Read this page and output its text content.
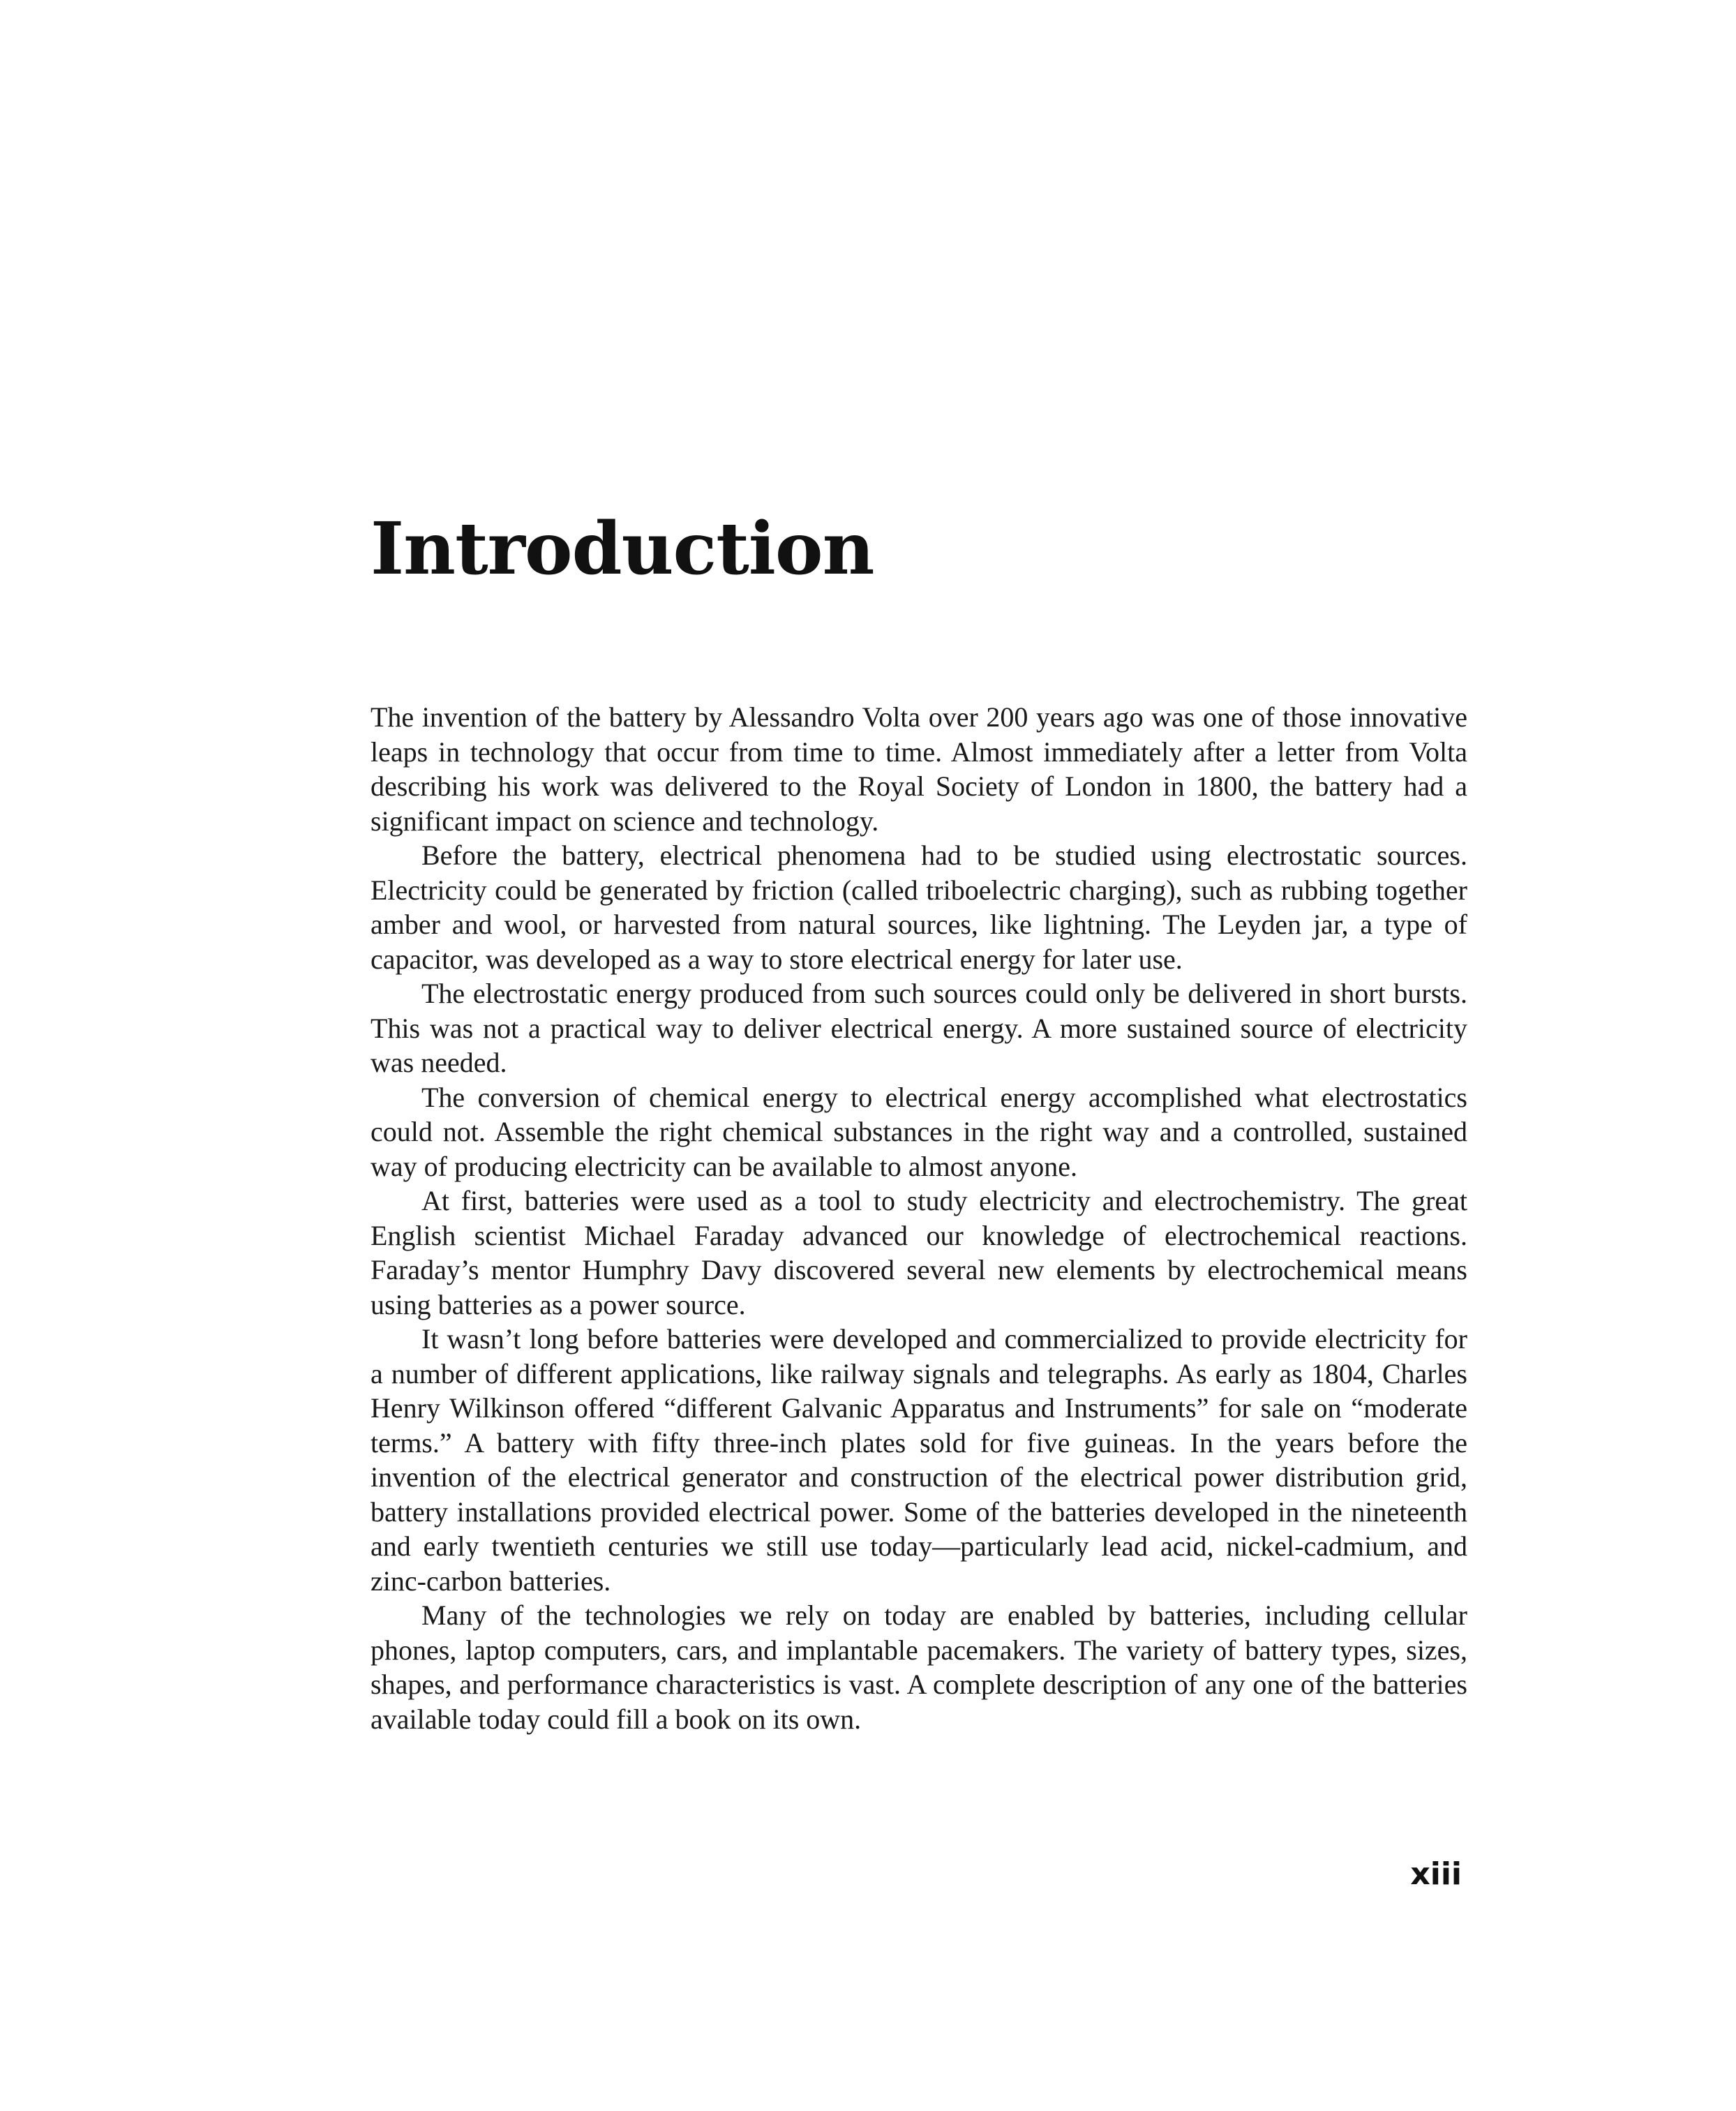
Introduction

The invention of the battery by Alessandro Volta over 200 years ago was one of those innovative leaps in technology that occur from time to time. Almost immediately after a letter from Volta describing his work was delivered to the Royal Society of London in 1800, the battery had a significant impact on science and technology.

Before the battery, electrical phenomena had to be studied using electrostatic sources. Electricity could be generated by friction (called triboelectric charging), such as rubbing together amber and wool, or harvested from natural sources, like lightning. The Leyden jar, a type of capacitor, was developed as a way to store electrical energy for later use.

The electrostatic energy produced from such sources could only be delivered in short bursts. This was not a practical way to deliver electrical energy. A more sustained source of electricity was needed.

The conversion of chemical energy to electrical energy accomplished what electrostatics could not. Assemble the right chemical substances in the right way and a controlled, sustained way of producing electricity can be available to almost anyone.

At first, batteries were used as a tool to study electricity and electrochemistry. The great English scientist Michael Faraday advanced our knowledge of electrochemical reactions. Faraday’s mentor Humphry Davy discovered several new elements by electrochemical means using batteries as a power source.

It wasn’t long before batteries were developed and commercialized to provide electricity for a number of different applications, like railway signals and telegraphs. As early as 1804, Charles Henry Wilkinson offered “different Galvanic Apparatus and Instruments” for sale on “moderate terms.” A battery with fifty three-inch plates sold for five guineas. In the years before the invention of the electrical generator and construction of the electrical power distribution grid, battery installations provided electrical power. Some of the batteries developed in the nineteenth and early twentieth centuries we still use today—particularly lead acid, nickel-cadmium, and zinc-carbon batteries.

Many of the technologies we rely on today are enabled by batteries, including cellular phones, laptop computers, cars, and implantable pacemakers. The variety of battery types, sizes, shapes, and performance characteristics is vast. A complete description of any one of the batteries available today could fill a book on its own.

xiii
